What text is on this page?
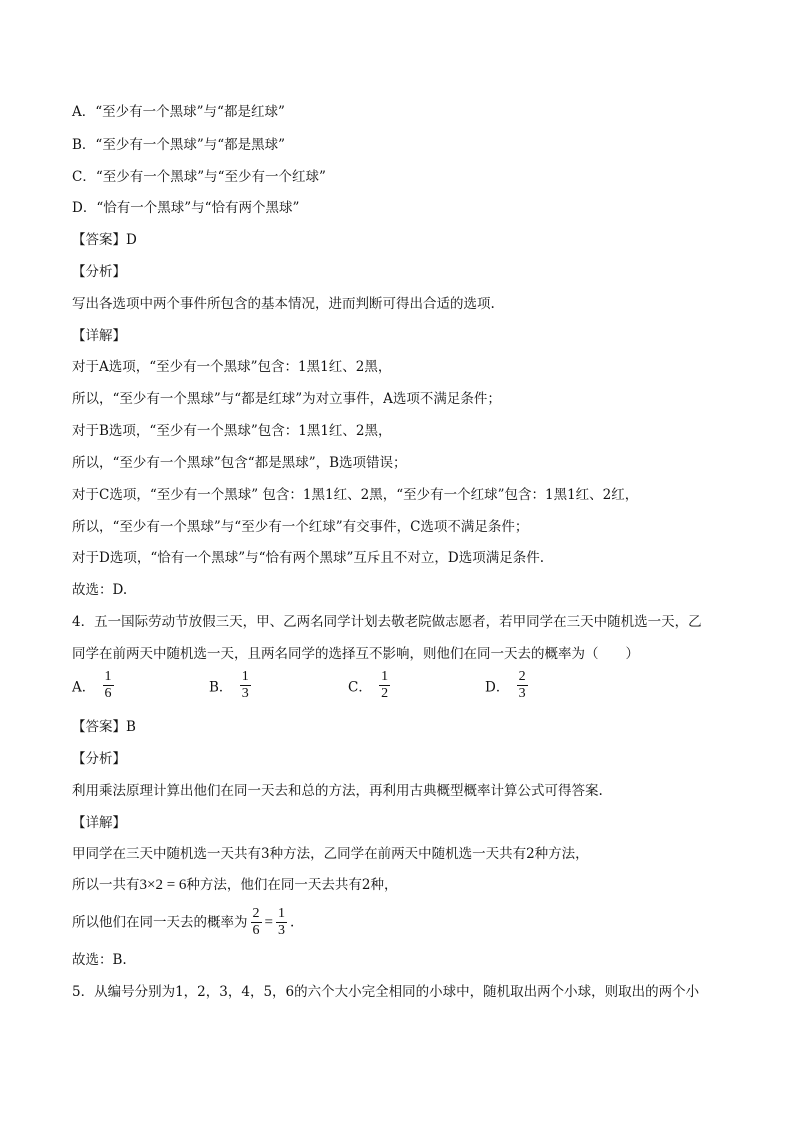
A．“至少有一个黑球”与“都是红球”
B．“至少有一个黑球”与“都是黑球”
C．“至少有一个黑球”与“至少有一个红球”
D．“恰有一个黑球”与“恰有两个黑球”
【答案】D
【分析】
写出各选项中两个事件所包含的基本情况，进而判断可得出合适的选项.
【详解】
对于A选项，“至少有一个黑球”包含：1黑1红、2黑，
所以，“至少有一个黑球”与“都是红球”为对立事件，A选项不满足条件；
对于B选项，“至少有一个黑球”包含：1黑1红、2黑，
所以，“至少有一个黑球”包含“都是黑球”，B选项错误；
对于C选项，“至少有一个黑球” 包含：1黑1红、2黑，“至少有一个红球”包含：1黑1红、2红，
所以，“至少有一个黑球”与“至少有一个红球”有交事件，C选项不满足条件；
对于D选项，“恰有一个黑球”与“恰有两个黑球”互斥且不对立，D选项满足条件.
故选：D.
4．五一国际劳动节放假三天，甲、乙两名同学计划去敬老院做志愿者，若甲同学在三天中随机选一天，乙
同学在前两天中随机选一天，且两名同学的选择互不影响，则他们在同一天去的概率为（　　）
A． $\frac{1}{6}$	B． $\frac{1}{3}$	C． $\frac{1}{2}$	D． $\frac{2}{3}$
【答案】B
【分析】
利用乘法原理计算出他们在同一天去和总的方法，再利用古典概型概率计算公式可得答案.
【详解】
甲同学在三天中随机选一天共有3种方法，乙同学在前两天中随机选一天共有2种方法，
所以一共有3×2 = 6种方法，他们在同一天去共有2种，
所以他们在同一天去的概率为 $\frac{2}{6} = \frac{1}{3}$ .
故选：B.
5．从编号分别为1，2，3，4，5，6的六个大小完全相同的小球中，随机取出两个小球，则取出的两个小
